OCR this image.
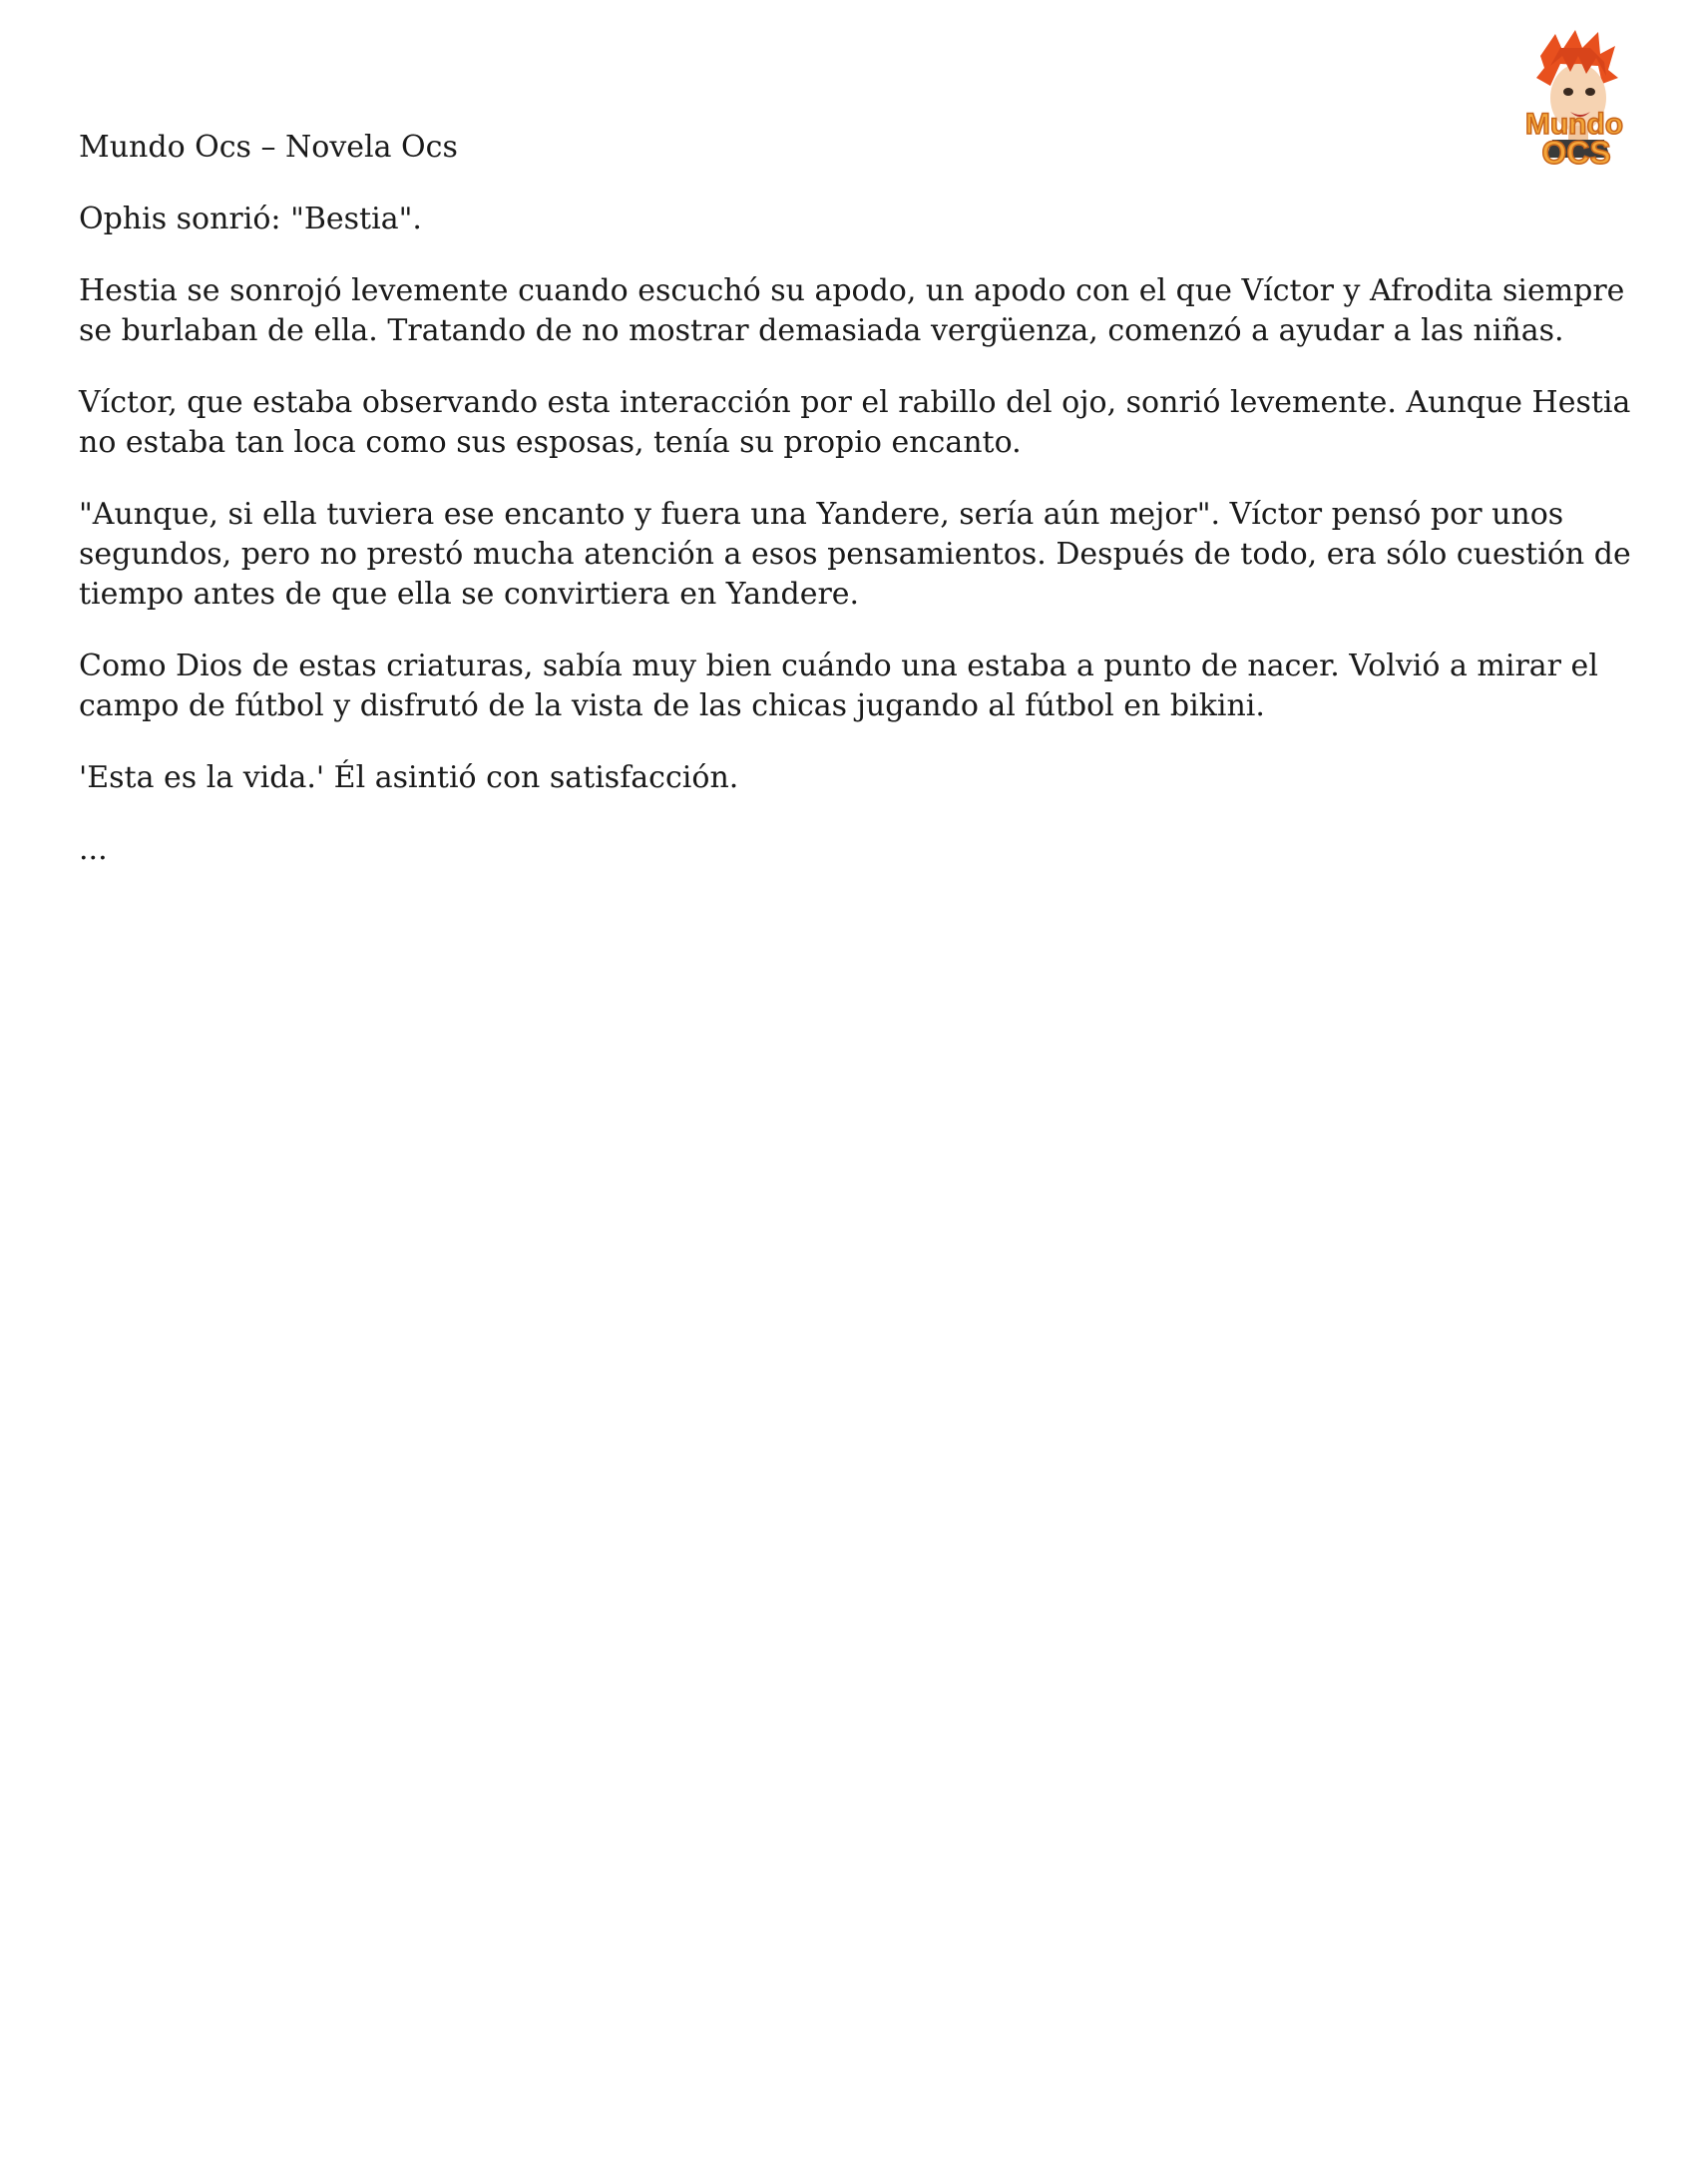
Mundo
OCS

Mundo Ocs – Novela Ocs

Ophis sonrió: "Bestia".

Hestia se sonrojó levemente cuando escuchó su apodo, un apodo con el que Víctor y Afrodita siempre se burlaban de ella. Tratando de no mostrar demasiada vergüenza, comenzó a ayudar a las niñas.

Víctor, que estaba observando esta interacción por el rabillo del ojo, sonrió levemente. Aunque Hestia no estaba tan loca como sus esposas, tenía su propio encanto.

"Aunque, si ella tuviera ese encanto y fuera una Yandere, sería aún mejor". Víctor pensó por unos segundos, pero no prestó mucha atención a esos pensamientos. Después de todo, era sólo cuestión de tiempo antes de que ella se convirtiera en Yandere.

Como Dios de estas criaturas, sabía muy bien cuándo una estaba a punto de nacer. Volvió a mirar el campo de fútbol y disfrutó de la vista de las chicas jugando al fútbol en bikini.

'Esta es la vida.' Él asintió con satisfacción.

...
